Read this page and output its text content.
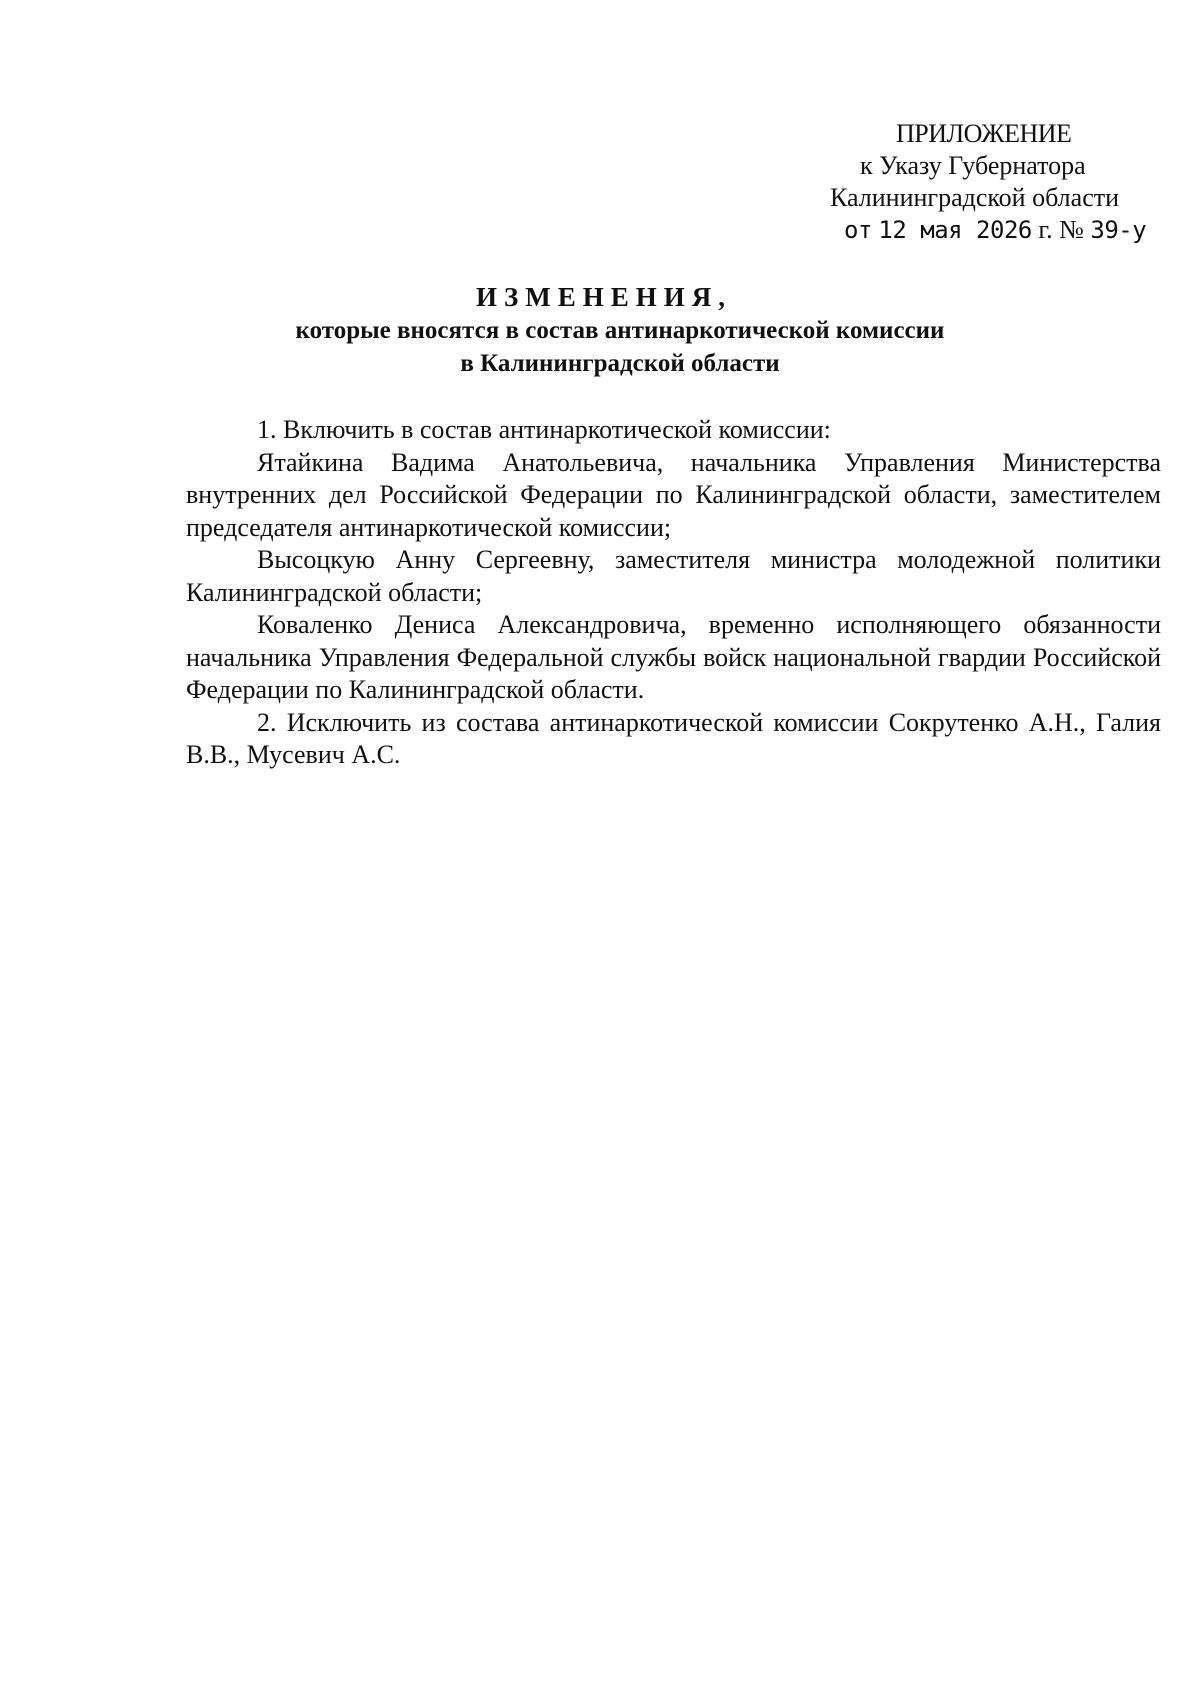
ПРИЛОЖЕНИЕ
к Указу Губернатора
Калининградской области
от 12 мая 2026 г. № 39-у
ИЗМЕНЕНИЯ,
которые вносятся в состав антинаркотической комиссии
в Калининградской области

1. Включить в состав антинаркотической комиссии:

Ятайкина Вадима Анатольевича, начальника Управления Министерства внутренних дел Российской Федерации по Калининградской области, заместителем председателя антинаркотической комиссии;

Высоцкую Анну Сергеевну, заместителя министра молодежной политики Калининградской области;

Коваленко Дениса Александровича, временно исполняющего обязанности начальника Управления Федеральной службы войск национальной гвардии Российской Федерации по Калининградской области.

2. Исключить из состава антинаркотической комиссии Сокрутенко А.Н., Галия В.В., Мусевич А.С.
